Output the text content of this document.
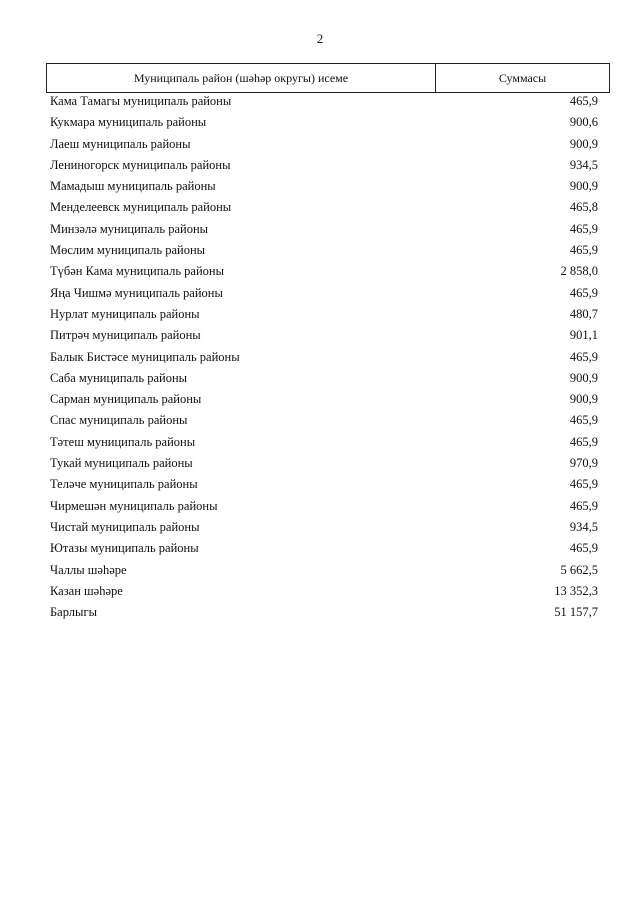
2
Муниципаль район (шәһәр округы) исеме	Суммасы
Кама Тамагы муниципаль районы	465,9
Кукмара муниципаль районы	900,6
Лаеш муниципаль районы	900,9
Лениногорск муниципаль районы	934,5
Мамадыш муниципаль районы	900,9
Менделеевск муниципаль районы	465,8
Минзәлә муниципаль районы	465,9
Мөслим муниципаль районы	465,9
Түбән Кама муниципаль районы	2 858,0
Яңа Чишмә муниципаль районы	465,9
Нурлат муниципаль районы	480,7
Питрәч муниципаль районы	901,1
Балык Бистәсе муниципаль районы	465,9
Саба муниципаль районы	900,9
Сарман муниципаль районы	900,9
Спас муниципаль районы	465,9
Тәтеш муниципаль районы	465,9
Тукай муниципаль районы	970,9
Теләче муниципаль районы	465,9
Чирмешән муниципаль районы	465,9
Чистай муниципаль районы	934,5
Ютазы муниципаль районы	465,9
Чаллы шәһәре	5 662,5
Казан шәһәре	13 352,3
Барлыгы	51 157,7
